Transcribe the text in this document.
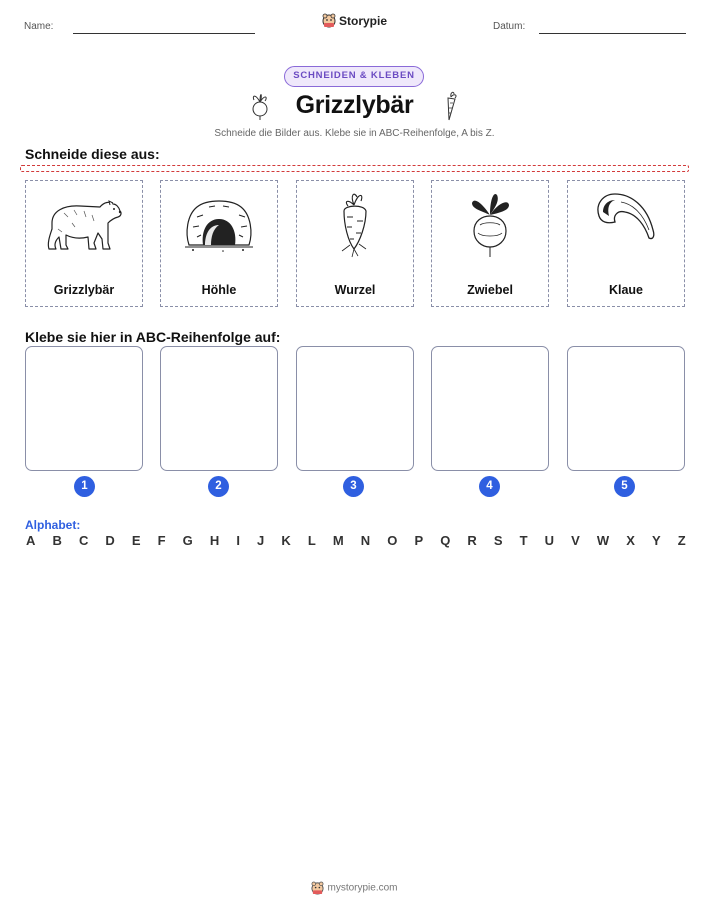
Name:	Storypie	Datum:
SCHNEIDEN & KLEBEN
Grizzlybär
Schneide die Bilder aus. Klebe sie in ABC-Reihenfolge, A bis Z.
Schneide diese aus:
Grizzlybär	Höhle	Wurzel	Zwiebel	Klaue
Klebe sie hier in ABC-Reihenfolge auf:
1	2	3	4	5
Alphabet:
A B C D E F G H I J K L M N O P Q R S T U V W X Y Z
mystorypie.com
